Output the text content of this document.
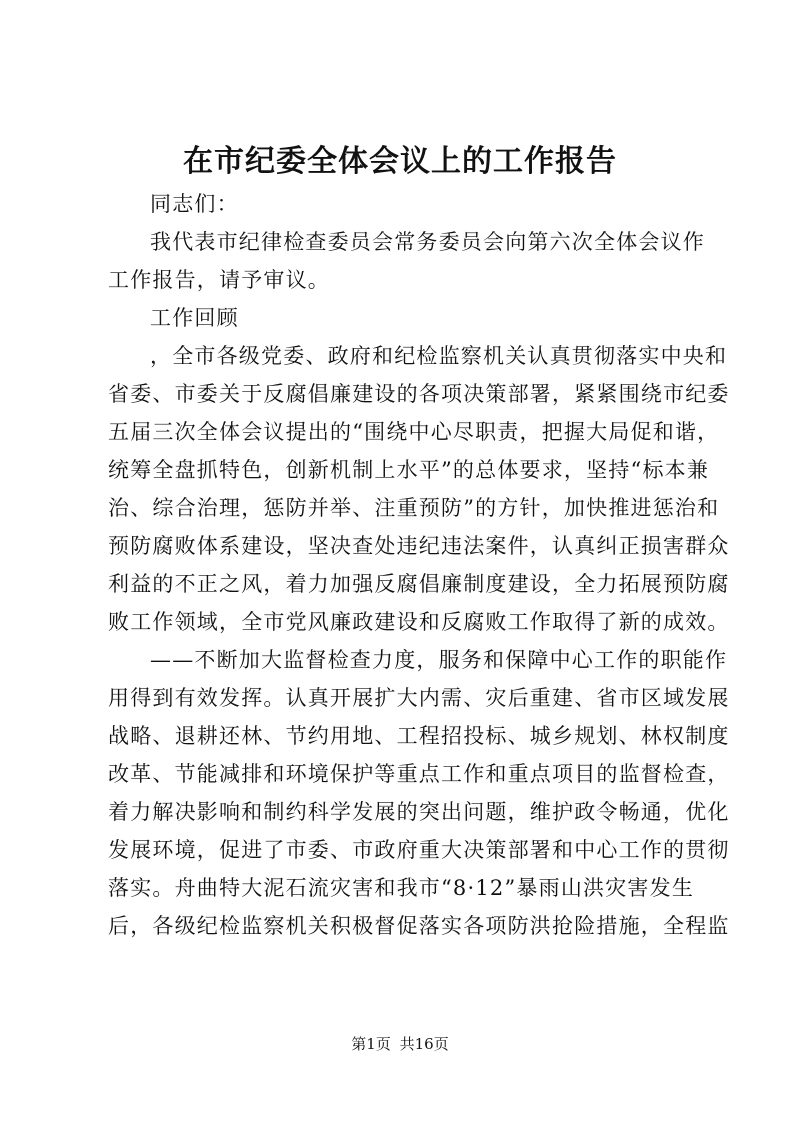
在市纪委全体会议上的工作报告
同志们：
我代表市纪律检查委员会常务委员会向第六次全体会议作
工作报告，请予审议。
工作回顾
，全市各级党委、政府和纪检监察机关认真贯彻落实中央和
省委、市委关于反腐倡廉建设的各项决策部署，紧紧围绕市纪委
五届三次全体会议提出的“围绕中心尽职责，把握大局促和谐，
统筹全盘抓特色，创新机制上水平”的总体要求，坚持“标本兼
治、综合治理，惩防并举、注重预防”的方针，加快推进惩治和
预防腐败体系建设，坚决查处违纪违法案件，认真纠正损害群众
利益的不正之风，着力加强反腐倡廉制度建设，全力拓展预防腐
败工作领域，全市党风廉政建设和反腐败工作取得了新的成效。
——不断加大监督检查力度，服务和保障中心工作的职能作
用得到有效发挥。认真开展扩大内需、灾后重建、省市区域发展
战略、退耕还林、节约用地、工程招投标、城乡规划、林权制度
改革、节能减排和环境保护等重点工作和重点项目的监督检查，
着力解决影响和制约科学发展的突出问题，维护政令畅通，优化
发展环境，促进了市委、市政府重大决策部署和中心工作的贯彻
落实。舟曲特大泥石流灾害和我市“8·12”暴雨山洪灾害发生
后，各级纪检监察机关积极督促落实各项防洪抢险措施，全程监
第1页 共16页
